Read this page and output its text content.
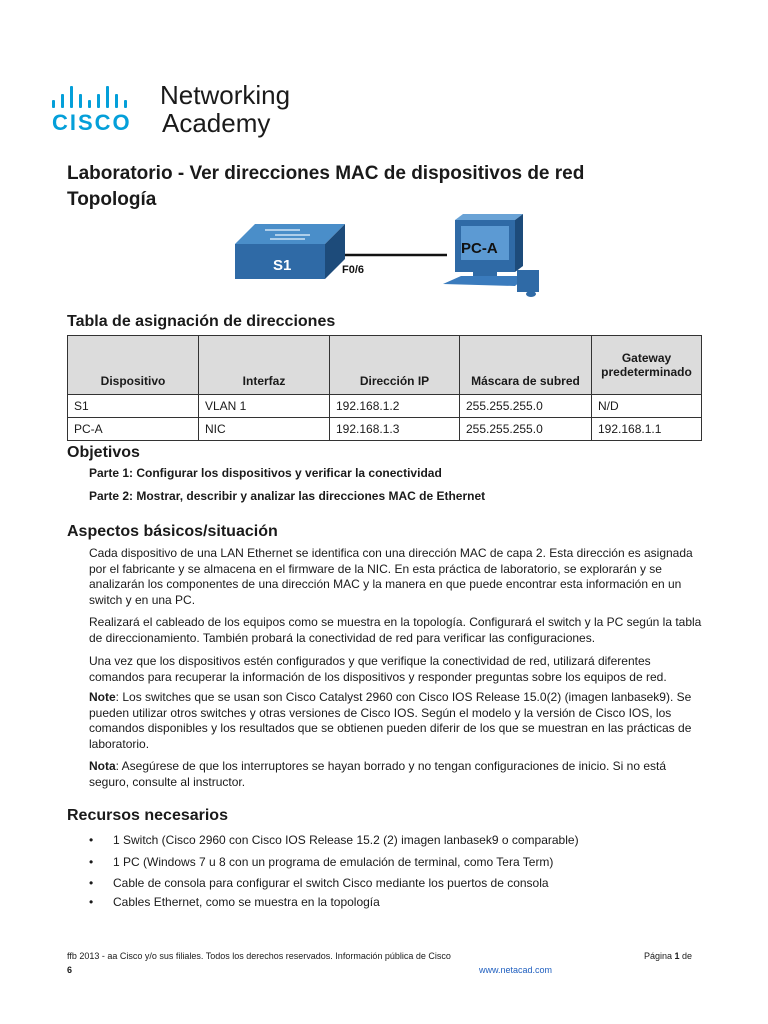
CISCO
Networking
Academy
Laboratorio - Ver direcciones MAC de dispositivos de red
Topología
S1	F0/6
PC-A
Tabla de asignación de direcciones
Dispositivo	Interfaz	Dirección IP	Máscara de subred	Gateway predeterminado
S1	VLAN 1	192.168.1.2	255.255.255.0	N/D
PC-A	NIC	192.168.1.3	255.255.255.0	192.168.1.1
Objetivos
Parte 1: Configurar los dispositivos y verificar la conectividad
Parte 2: Mostrar, describir y analizar las direcciones MAC de Ethernet
Aspectos básicos/situación

Cada dispositivo de una LAN Ethernet se identifica con una dirección MAC de capa 2. Esta dirección es asignada por el fabricante y se almacena en el firmware de la NIC. En esta práctica de laboratorio, se explorarán y se analizarán los componentes de una dirección MAC y la manera en que puede encontrar esta información en un switch y en una PC.

Realizará el cableado de los equipos como se muestra en la topología. Configurará el switch y la PC según la tabla de direccionamiento. También probará la conectividad de red para verificar las configuraciones.

Una vez que los dispositivos estén configurados y que verifique la conectividad de red, utilizará diferentes comandos para recuperar la información de los dispositivos y responder preguntas sobre los equipos de red.

Note: Los switches que se usan son Cisco Catalyst 2960 con Cisco IOS Release 15.0(2) (imagen lanbasek9). Se pueden utilizar otros switches y otras versiones de Cisco IOS. Según el modelo y la versión de Cisco IOS, los comandos disponibles y los resultados que se obtienen pueden diferir de los que se muestran en las prácticas de laboratorio.

Nota: Asegúrese de que los interruptores se hayan borrado y no tengan configuraciones de inicio. Si no está seguro, consulte al instructor.

Recursos necesarios
• 1 Switch (Cisco 2960 con Cisco IOS Release 15.2 (2) imagen lanbasek9 o comparable)
• 1 PC (Windows 7 u 8 con un programa de emulación de terminal, como Tera Term)
• Cable de consola para configurar el switch Cisco mediante los puertos de consola
• Cables Ethernet, como se muestra en la topología
ffb 2013 - aa Cisco y/o sus filiales. Todos los derechos reservados. Información pública de Cisco	Página 1 de
6	www.netacad.com
